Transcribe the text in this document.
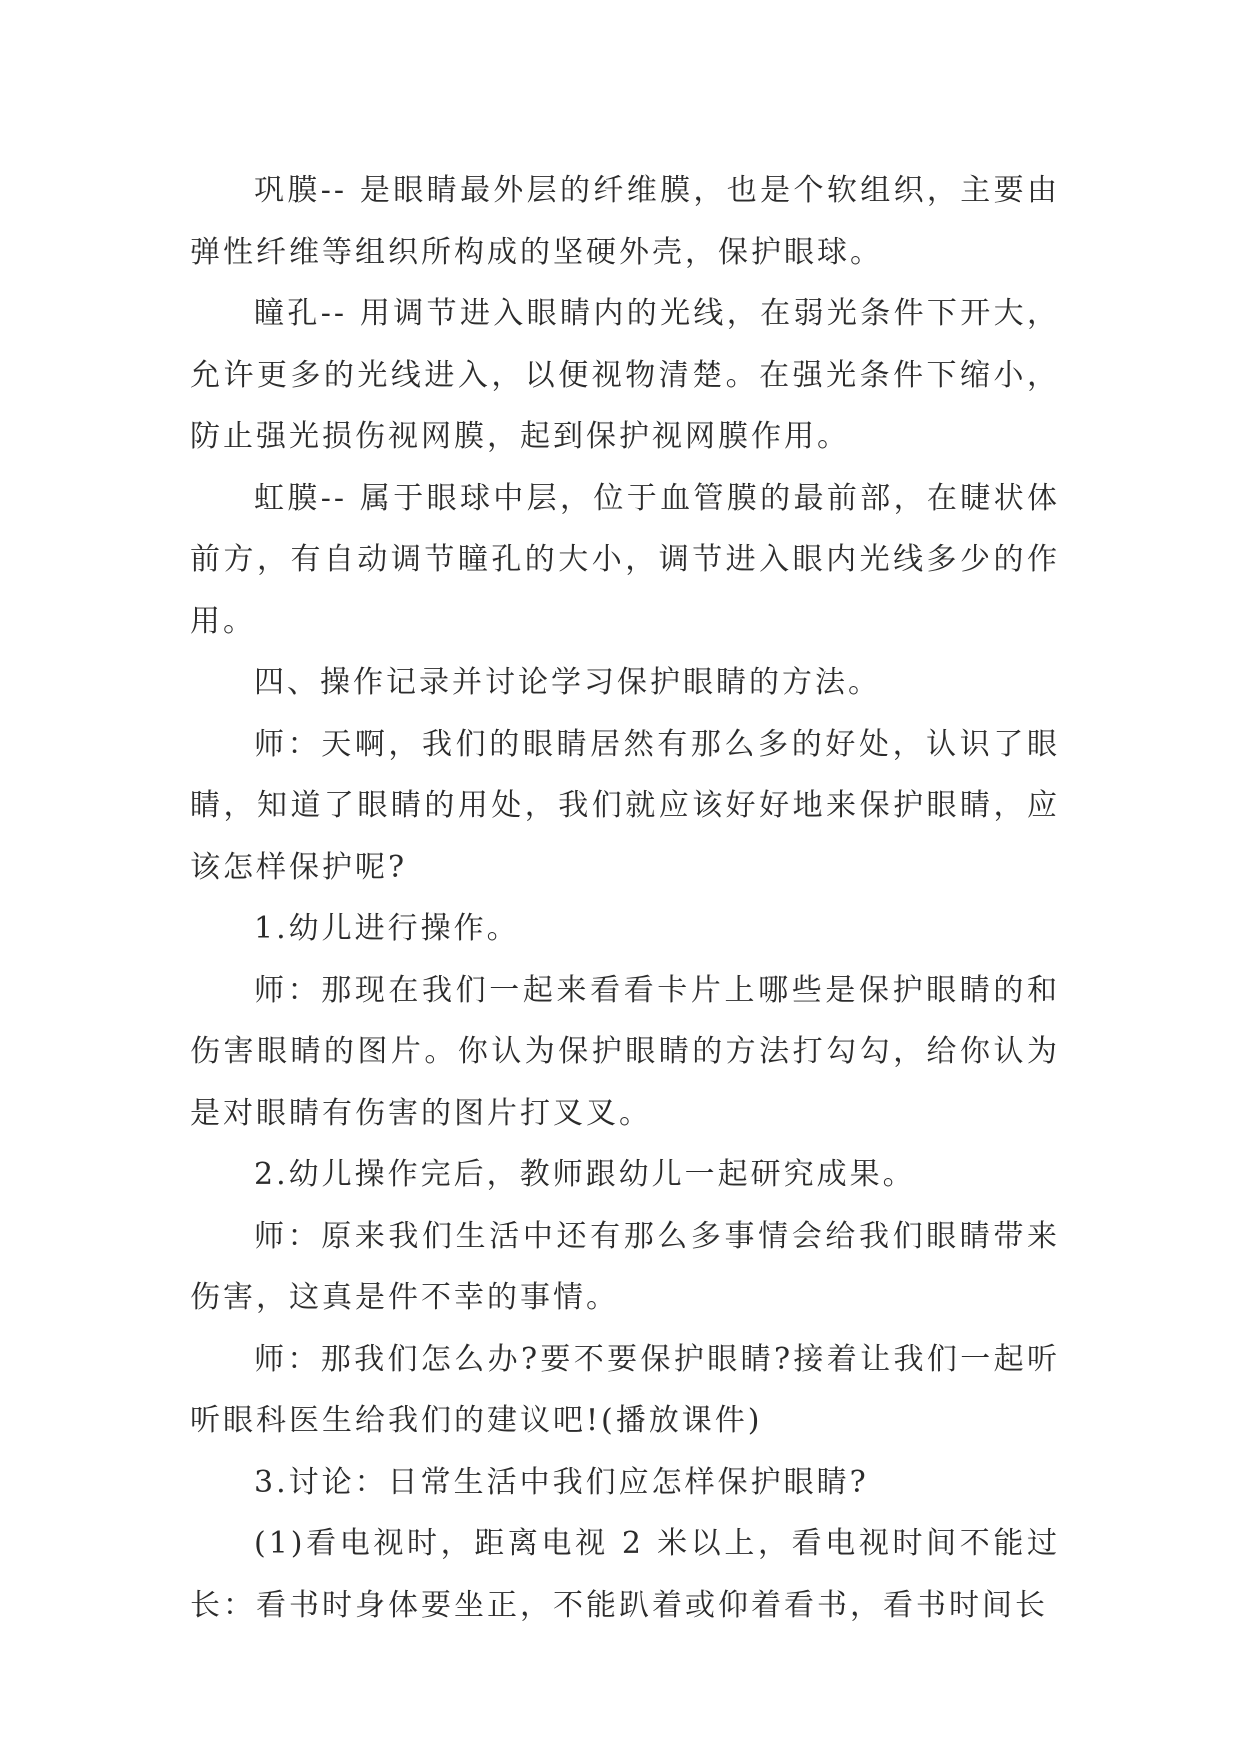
巩膜-- 是眼睛最外层的纤维膜，也是个软组织，主要由弹性纤维等组织所构成的坚硬外壳，保护眼球。

瞳孔-- 用调节进入眼睛内的光线，在弱光条件下开大，允许更多的光线进入，以便视物清楚。在强光条件下缩小，防止强光损伤视网膜，起到保护视网膜作用。

虹膜-- 属于眼球中层，位于血管膜的最前部，在睫状体前方，有自动调节瞳孔的大小，调节进入眼内光线多少的作用。

四、操作记录并讨论学习保护眼睛的方法。

师：天啊，我们的眼睛居然有那么多的好处，认识了眼睛，知道了眼睛的用处，我们就应该好好地来保护眼睛，应该怎样保护呢?

1.幼儿进行操作。

师：那现在我们一起来看看卡片上哪些是保护眼睛的和伤害眼睛的图片。你认为保护眼睛的方法打勾勾，给你认为是对眼睛有伤害的图片打叉叉。

2.幼儿操作完后，教师跟幼儿一起研究成果。

师：原来我们生活中还有那么多事情会给我们眼睛带来伤害，这真是件不幸的事情。

师：那我们怎么办?要不要保护眼睛?接着让我们一起听听眼科医生给我们的建议吧!(播放课件)

3.讨论：日常生活中我们应怎样保护眼睛?

(1)看电视时，距离电视 2 米以上，看电视时间不能过长：看书时身体要坐正，不能趴着或仰着看书，看书时间长
